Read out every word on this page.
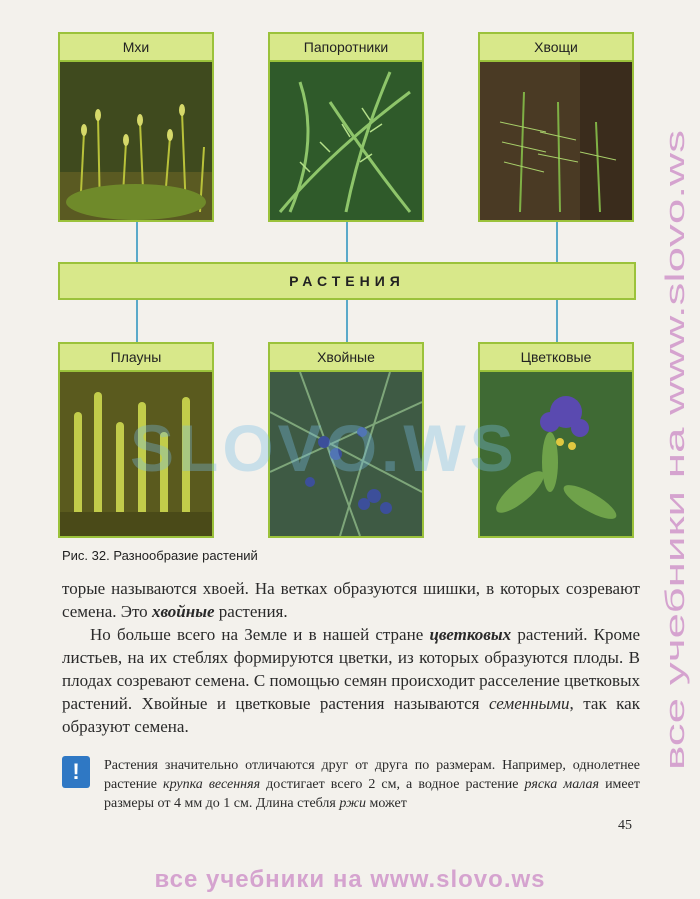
Мхи	Папоротники	Хвощи
РАСТЕНИЯ
Плауны	Хвойные	Цветковые
SLOVO.WS
Рис. 32. Разнообразие растений

торые называются хвоей. На ветках образуются шишки, в которых созревают семена. Это хвойные растения.

Но больше всего на Земле и в нашей стране цветковых растений. Кроме листьев, на их стеблях формируются цветки, из которых образуются плоды. В плодах созревают семена. С помощью семян происходит расселение цветковых растений. Хвойные и цветковые растения называются семенными, так как образуют семена.

!	Растения значительно отличаются друг от друга по размерам. Например, однолетнее растение крупка весенняя достигает всего 2 см, а водное растение ряска малая имеет размеры от 4 мм до 1 см. Длина стебля ржи может
45
все учебники на www.slovo.ws
все учебники на www.slovo.ws
